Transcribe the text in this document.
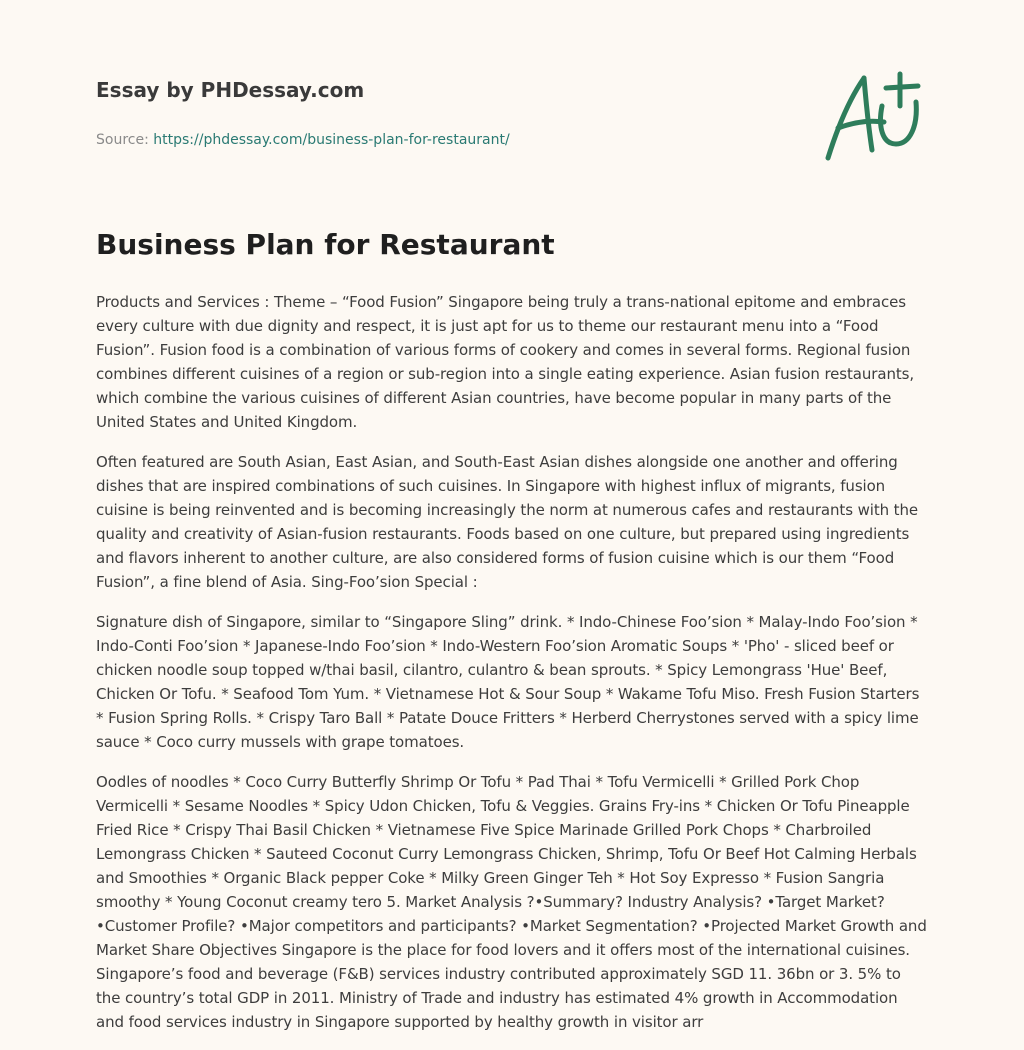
Essay by PHDessay.com
Source: https://phdessay.com/business-plan-for-restaurant/
Business Plan for Restaurant

Products and Services : Theme – “Food Fusion” Singapore being truly a trans-national epitome and embraces every culture with due dignity and respect, it is just apt for us to theme our restaurant menu into a “Food Fusion”. Fusion food is a combination of various forms of cookery and comes in several forms. Regional fusion combines different cuisines of a region or sub-region into a single eating experience. Asian fusion restaurants, which combine the various cuisines of different Asian countries, have become popular in many parts of the United States and United Kingdom.

Often featured are South Asian, East Asian, and South-East Asian dishes alongside one another and offering dishes that are inspired combinations of such cuisines. In Singapore with highest influx of migrants, fusion cuisine is being reinvented and is becoming increasingly the norm at numerous cafes and restaurants with the quality and creativity of Asian-fusion restaurants. Foods based on one culture, but prepared using ingredients and flavors inherent to another culture, are also considered forms of fusion cuisine which is our them “Food Fusion”, a fine blend of Asia. Sing-Foo’sion Special :

Signature dish of Singapore, similar to “Singapore Sling” drink. * Indo-Chinese Foo’sion * Malay-Indo Foo’sion * Indo-Conti Foo’sion * Japanese-Indo Foo’sion * Indo-Western Foo’sion Aromatic Soups * 'Pho' - sliced beef or chicken noodle soup topped w/thai basil, cilantro, culantro & bean sprouts. * Spicy Lemongrass 'Hue' Beef, Chicken Or Tofu. * Seafood Tom Yum. * Vietnamese Hot & Sour Soup * Wakame Tofu Miso. Fresh Fusion Starters * Fusion Spring Rolls. * Crispy Taro Ball * Patate Douce Fritters * Herberd Cherrystones served with a spicy lime sauce * Coco curry mussels with grape tomatoes.

Oodles of noodles * Coco Curry Butterfly Shrimp Or Tofu * Pad Thai * Tofu Vermicelli * Grilled Pork Chop Vermicelli * Sesame Noodles * Spicy Udon Chicken, Tofu & Veggies. Grains Fry-ins * Chicken Or Tofu Pineapple Fried Rice * Crispy Thai Basil Chicken * Vietnamese Five Spice Marinade Grilled Pork Chops * Charbroiled Lemongrass Chicken * Sauteed Coconut Curry Lemongrass Chicken, Shrimp, Tofu Or Beef Hot Calming Herbals and Smoothies * Organic Black pepper Coke * Milky Green Ginger Teh * Hot Soy Expresso * Fusion Sangria smoothy * Young Coconut creamy tero 5. Market Analysis ?•Summary? Industry Analysis? •Target Market? •Customer Profile? •Major competitors and participants? •Market Segmentation? •Projected Market Growth and Market Share Objectives Singapore is the place for food lovers and it offers most of the international cuisines. Singapore’s food and beverage (F&B) services industry contributed approximately SGD 11. 36bn or 3. 5% to the country’s total GDP in 2011. Ministry of Trade and industry has estimated 4% growth in Accommodation and food services industry in Singapore supported by healthy growth in visitor arr
